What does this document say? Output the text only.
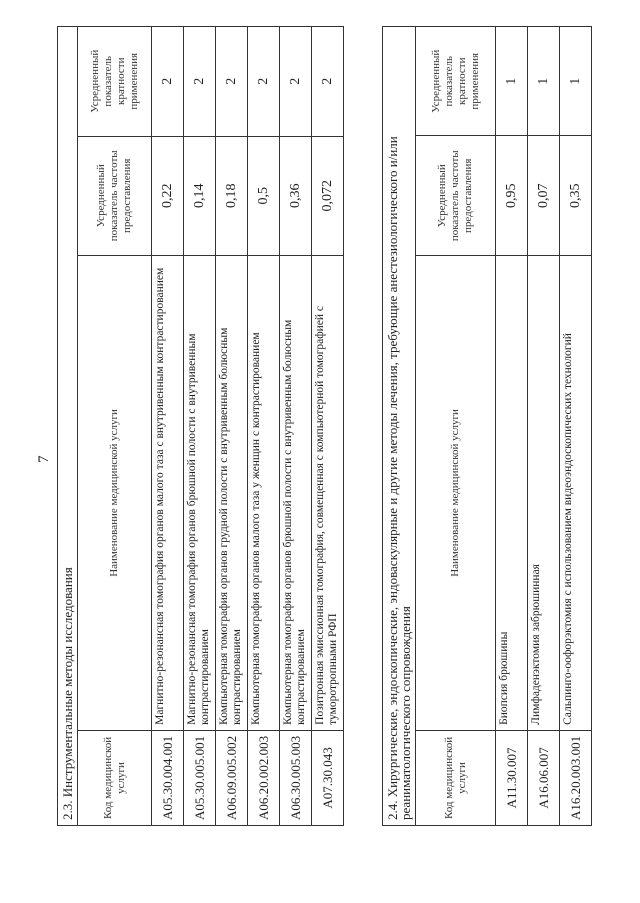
7
2.3. Инструментальные методы исследования			
Код медицинской услуги	Наименование медицинской услуги	Усредненный показатель частоты предоставления	Усредненный показатель кратности применения
A05.30.004.001	Магнитно-резонансная томография органов малого таза с внутривенным контрастированием	0,22	2
A05.30.005.001	Магнитно-резонансная томография органов брюшной полости с внутривенным контрастированием	0,14	2
A06.09.005.002	Компьютерная томография органов грудной полости с внутривенным болюсным контрастированием	0,18	2
A06.20.002.003	Компьютерная томография органов малого таза у женщин с контрастированием	0,5	2
A06.30.005.003	Компьютерная томография органов брюшной полости с внутривенным болюсным контрастированием	0,36	2
A07.30.043	Позитронная эмиссионная томография, совмещенная с компьютерной томографией с туморотропными РФП	0,072	2
2.4. Хирургические, эндоскопические, эндоваскулярные и другие методы лечения, требующие анестезиологического и/или реаниматологического сопровождения			
Код медицинской услуги	Наименование медицинской услуги	Усредненный показатель частоты предоставления	Усредненный показатель кратности применения
A11.30.007	Биопсия брюшины	0,95	1
A16.06.007	Лимфаденэктомия забрюшинная	0,07	1
A16.20.003.001	Сальпинго-оофорэктомия с использованием видеоэндоскопических технологий	0,35	1
